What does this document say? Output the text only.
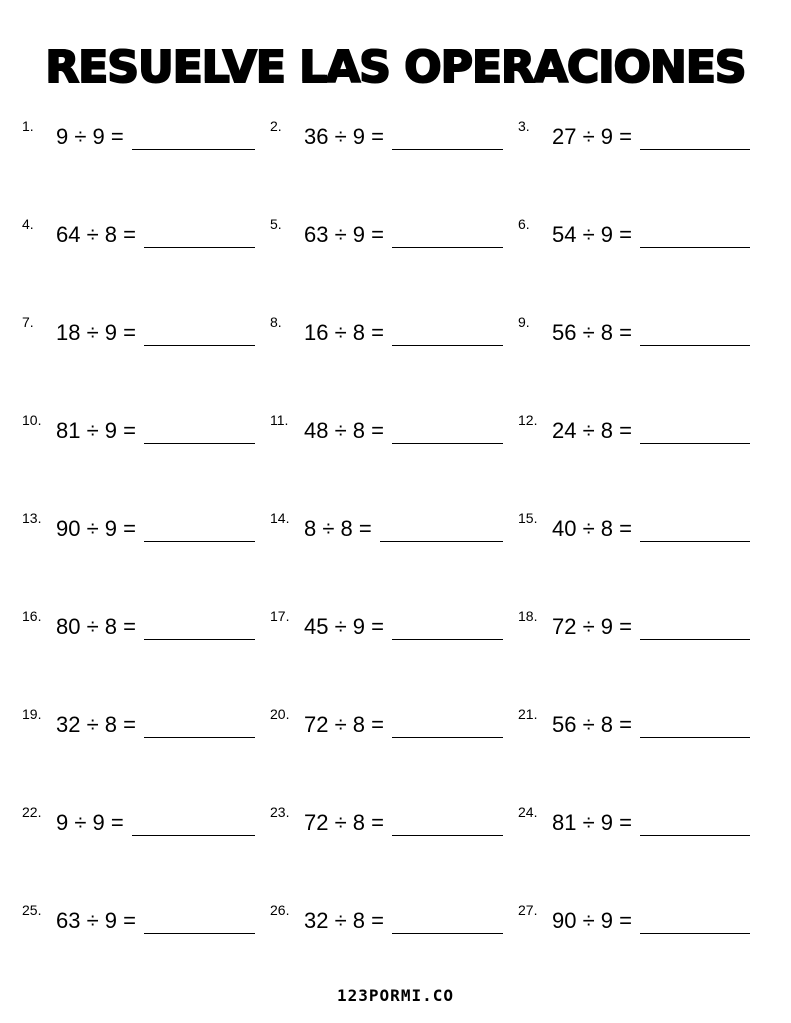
RESUELVE LAS OPERACIONES
1. 9 ÷ 9 =	2. 36 ÷ 9 =	3. 27 ÷ 9 =
4. 64 ÷ 8 =	5. 63 ÷ 9 =	6. 54 ÷ 9 =
7. 18 ÷ 9 =	8. 16 ÷ 8 =	9. 56 ÷ 8 =
10. 81 ÷ 9 =	11. 48 ÷ 8 =	12. 24 ÷ 8 =
13. 90 ÷ 9 =	14. 8 ÷ 8 =	15. 40 ÷ 8 =
16. 80 ÷ 8 =	17. 45 ÷ 9 =	18. 72 ÷ 9 =
19. 32 ÷ 8 =	20. 72 ÷ 8 =	21. 56 ÷ 8 =
22. 9 ÷ 9 =	23. 72 ÷ 8 =	24. 81 ÷ 9 =
25. 63 ÷ 9 =	26. 32 ÷ 8 =	27. 90 ÷ 9 =
123PORMI.CO
